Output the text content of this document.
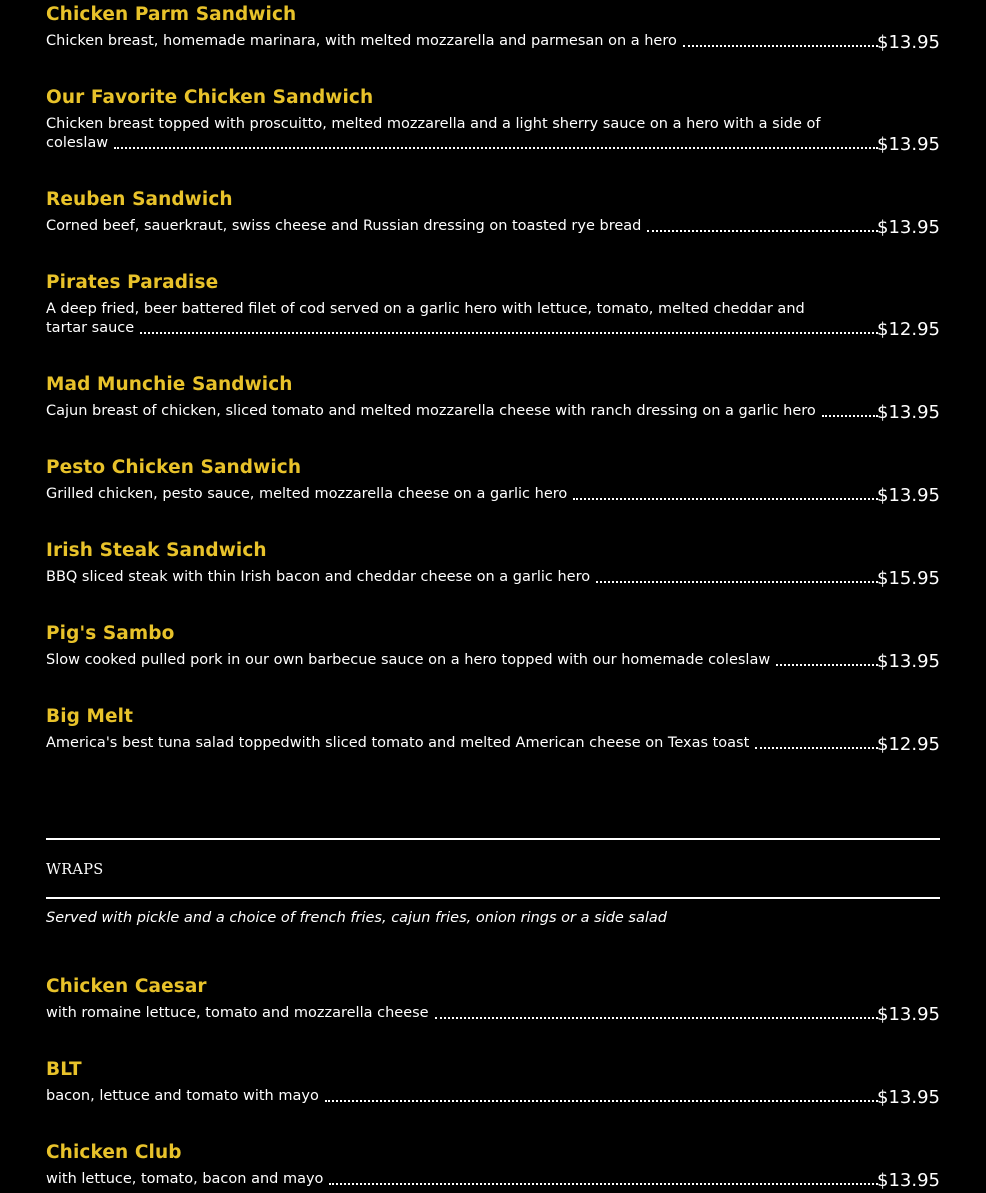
Chicken Parm Sandwich
Chicken breast, homemade marinara, with melted mozzarella and parmesan on a hero	$13.95
Our Favorite Chicken Sandwich
Chicken breast topped with proscuitto, melted mozzarella and a light sherry sauce on a hero with a side of
coleslaw	$13.95
Reuben Sandwich
Corned beef, sauerkraut, swiss cheese and Russian dressing on toasted rye bread	$13.95
Pirates Paradise
A deep fried, beer battered filet of cod served on a garlic hero with lettuce, tomato, melted cheddar and
tartar sauce	$12.95
Mad Munchie Sandwich
Cajun breast of chicken, sliced tomato and melted mozzarella cheese with ranch dressing on a garlic hero	$13.95
Pesto Chicken Sandwich
Grilled chicken, pesto sauce, melted mozzarella cheese on a garlic hero	$13.95
Irish Steak Sandwich
BBQ sliced steak with thin Irish bacon and cheddar cheese on a garlic hero	$15.95
Pig's Sambo
Slow cooked pulled pork in our own barbecue sauce on a hero topped with our homemade coleslaw	$13.95
Big Melt
America's best tuna salad toppedwith sliced tomato and melted American cheese on Texas toast	$12.95
WRAPS
Served with pickle and a choice of french fries, cajun fries, onion rings or a side salad
Chicken Caesar
with romaine lettuce, tomato and mozzarella cheese	$13.95
BLT
bacon, lettuce and tomato with mayo	$13.95
Chicken Club
with lettuce, tomato, bacon and mayo	$13.95
